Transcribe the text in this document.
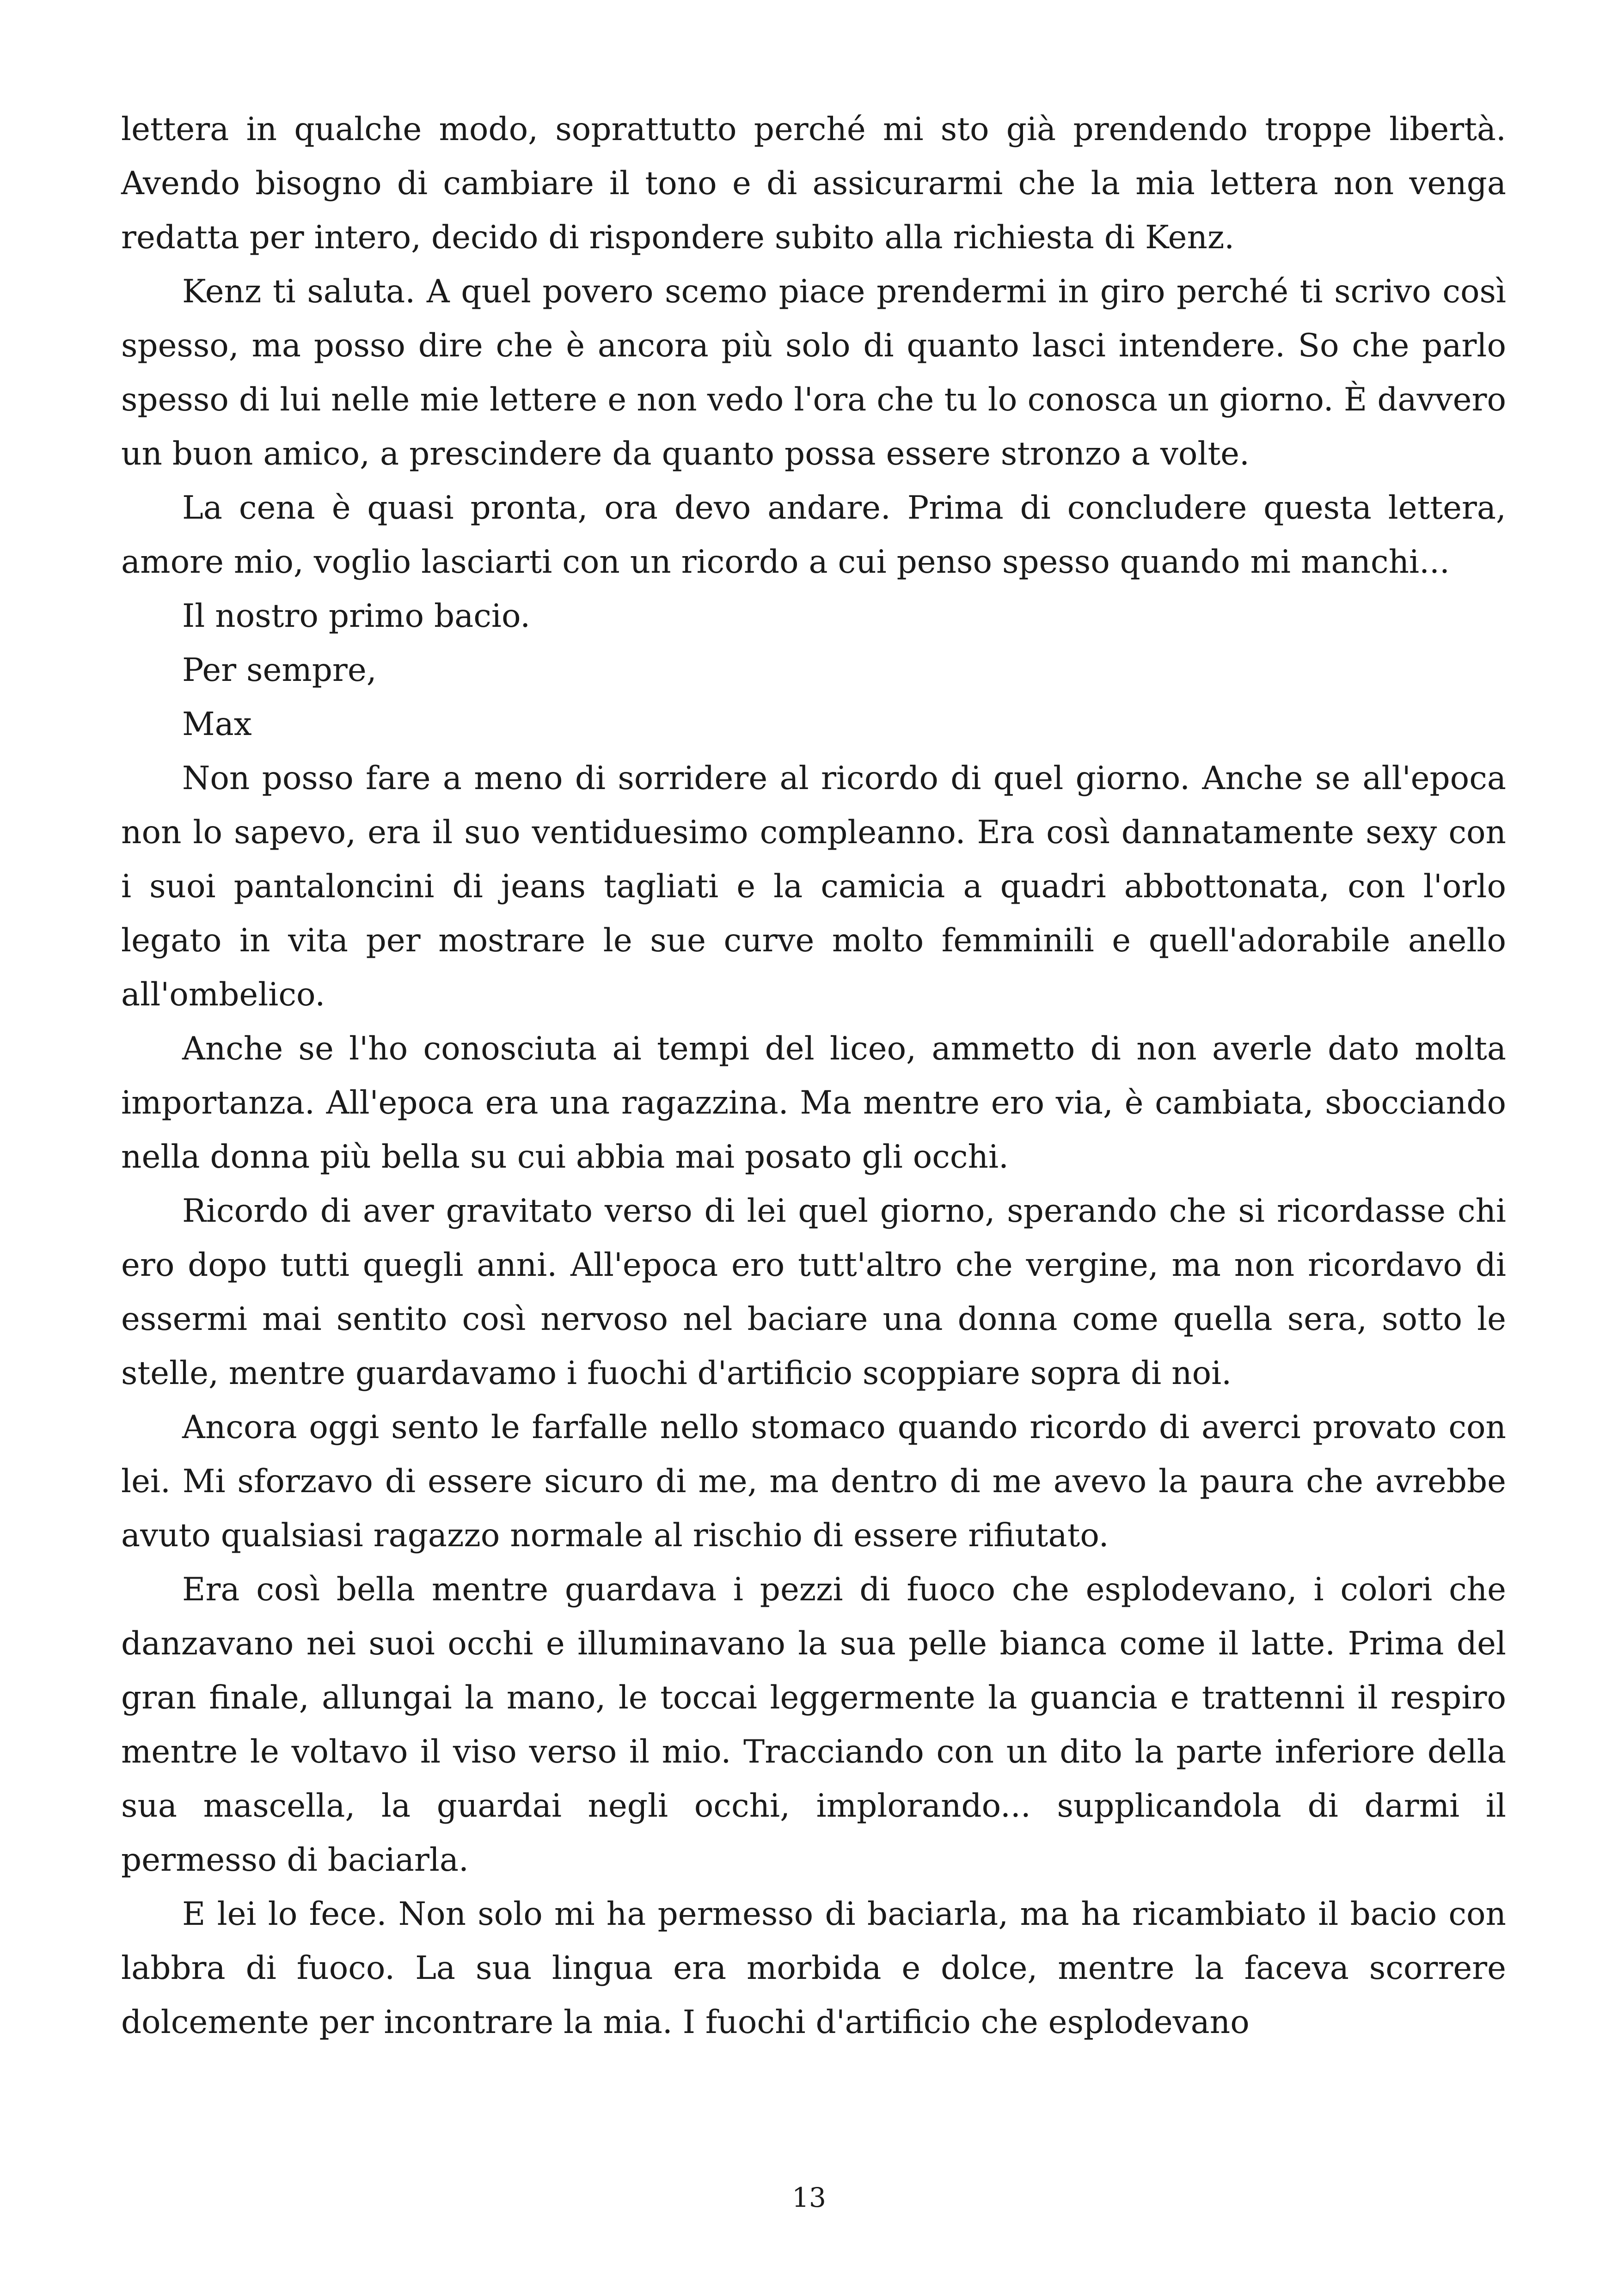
lettera in qualche modo, soprattutto perché mi sto già prendendo troppe libertà. Avendo bisogno di cambiare il tono e di assicurarmi che la mia lettera non venga redatta per intero, decido di rispondere subito alla richiesta di Kenz.

Kenz ti saluta. A quel povero scemo piace prendermi in giro perché ti scrivo così spesso, ma posso dire che è ancora più solo di quanto lasci intendere. So che parlo spesso di lui nelle mie lettere e non vedo l'ora che tu lo conosca un giorno. È davvero un buon amico, a prescindere da quanto possa essere stronzo a volte.

La cena è quasi pronta, ora devo andare. Prima di concludere questa lettera, amore mio, voglio lasciarti con un ricordo a cui penso spesso quando mi manchi...

Il nostro primo bacio.

Per sempre,

Max

Non posso fare a meno di sorridere al ricordo di quel giorno. Anche se all'epoca non lo sapevo, era il suo ventiduesimo compleanno. Era così dannatamente sexy con i suoi pantaloncini di jeans tagliati e la camicia a quadri abbottonata, con l'orlo legato in vita per mostrare le sue curve molto femminili e quell'adorabile anello all'ombelico.

Anche se l'ho conosciuta ai tempi del liceo, ammetto di non averle dato molta importanza. All'epoca era una ragazzina. Ma mentre ero via, è cambiata, sbocciando nella donna più bella su cui abbia mai posato gli occhi.

Ricordo di aver gravitato verso di lei quel giorno, sperando che si ricordasse chi ero dopo tutti quegli anni. All'epoca ero tutt'altro che vergine, ma non ricordavo di essermi mai sentito così nervoso nel baciare una donna come quella sera, sotto le stelle, mentre guardavamo i fuochi d'artificio scoppiare sopra di noi.

Ancora oggi sento le farfalle nello stomaco quando ricordo di averci provato con lei. Mi sforzavo di essere sicuro di me, ma dentro di me avevo la paura che avrebbe avuto qualsiasi ragazzo normale al rischio di essere rifiutato.

Era così bella mentre guardava i pezzi di fuoco che esplodevano, i colori che danzavano nei suoi occhi e illuminavano la sua pelle bianca come il latte. Prima del gran finale, allungai la mano, le toccai leggermente la guancia e trattenni il respiro mentre le voltavo il viso verso il mio. Tracciando con un dito la parte inferiore della sua mascella, la guardai negli occhi, implorando... supplicandola di darmi il permesso di baciarla.

E lei lo fece. Non solo mi ha permesso di baciarla, ma ha ricambiato il bacio con labbra di fuoco. La sua lingua era morbida e dolce, mentre la faceva scorrere dolcemente per incontrare la mia. I fuochi d'artificio che esplodevano

13
